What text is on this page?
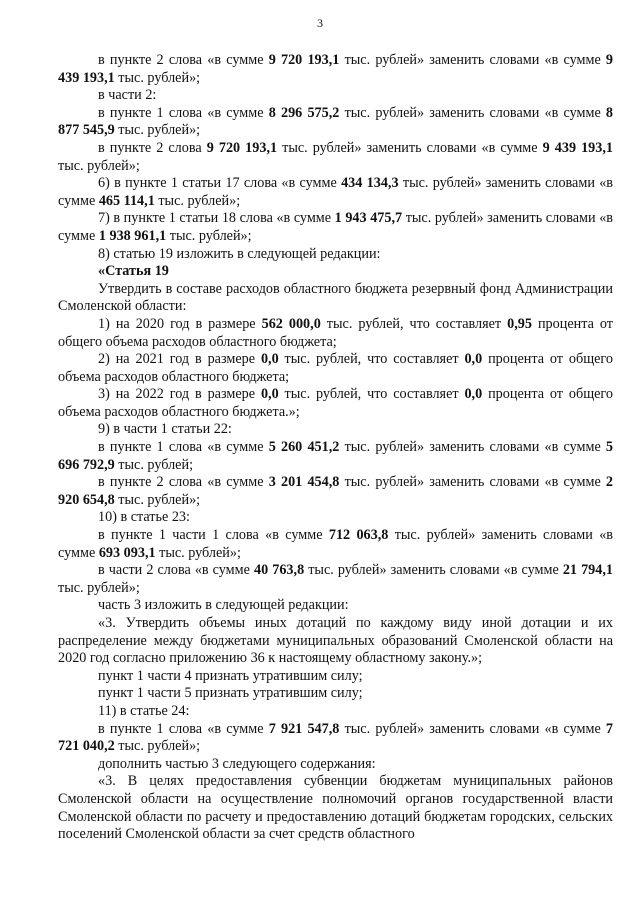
3
в пункте 2 слова «в сумме 9 720 193,1 тыс. рублей» заменить словами «в сумме 9 439 193,1 тыс. рублей»;
в части 2:
в пункте 1 слова «в сумме 8 296 575,2 тыс. рублей» заменить словами «в сумме 8 877 545,9 тыс. рублей»;
в пункте 2 слова 9 720 193,1 тыс. рублей» заменить словами «в сумме 9 439 193,1 тыс. рублей»;
6) в пункте 1 статьи 17 слова «в сумме 434 134,3 тыс. рублей» заменить словами «в сумме 465 114,1 тыс. рублей»;
7) в пункте 1 статьи 18 слова «в сумме 1 943 475,7 тыс. рублей» заменить словами «в сумме 1 938 961,1 тыс. рублей»;
8) статью 19 изложить в следующей редакции:
«Статья 19
Утвердить в составе расходов областного бюджета резервный фонд Администрации Смоленской области:
1) на 2020 год в размере 562 000,0 тыс. рублей, что составляет 0,95 процента от общего объема расходов областного бюджета;
2) на 2021 год в размере 0,0 тыс. рублей, что составляет 0,0 процента от общего объема расходов областного бюджета;
3) на 2022 год в размере 0,0 тыс. рублей, что составляет 0,0 процента от общего объема расходов областного бюджета.»;
9) в части 1 статьи 22:
в пункте 1 слова «в сумме 5 260 451,2 тыс. рублей» заменить словами «в сумме 5 696 792,9 тыс. рублей;
в пункте 2 слова «в сумме 3 201 454,8 тыс. рублей» заменить словами «в сумме 2 920 654,8 тыс. рублей»;
10) в статье 23:
в пункте 1 части 1 слова «в сумме 712 063,8 тыс. рублей» заменить словами «в сумме 693 093,1 тыс. рублей»;
в части 2 слова «в сумме 40 763,8 тыс. рублей» заменить словами «в сумме 21 794,1 тыс. рублей»;
часть 3 изложить в следующей редакции:
«3. Утвердить объемы иных дотаций по каждому виду иной дотации и их распределение между бюджетами муниципальных образований Смоленской области на 2020 год согласно приложению 36 к настоящему областному закону.»;
пункт 1 части 4 признать утратившим силу;
пункт 1 части 5 признать утратившим силу;
11) в статье 24:
в пункте 1 слова «в сумме 7 921 547,8 тыс. рублей» заменить словами «в сумме 7 721 040,2 тыс. рублей»;
дополнить частью 3 следующего содержания:
«3. В целях предоставления субвенции бюджетам муниципальных районов Смоленской области на осуществление полномочий органов государственной власти Смоленской области по расчету и предоставлению дотаций бюджетам городских, сельских поселений Смоленской области за счет средств областного
